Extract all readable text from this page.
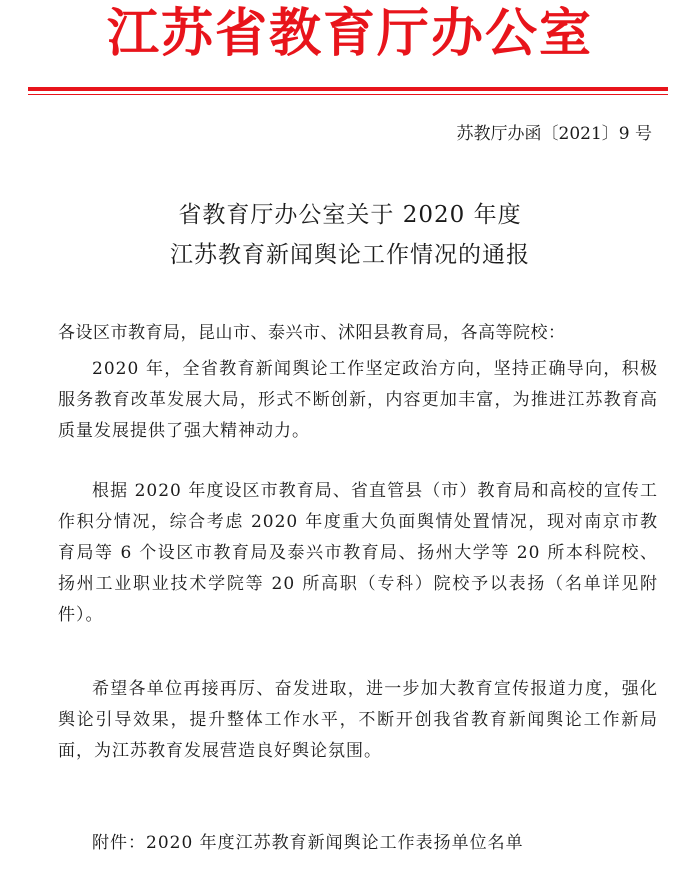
江苏省教育厅办公室
苏教厅办函〔2021〕9 号
省教育厅办公室关于 2020 年度
江苏教育新闻舆论工作情况的通报
各设区市教育局，昆山市、泰兴市、沭阳县教育局，各高等院校：
2020 年，全省教育新闻舆论工作坚定政治方向，坚持正确导向，积极服务教育改革发展大局，形式不断创新，内容更加丰富，为推进江苏教育高质量发展提供了强大精神动力。
根据 2020 年度设区市教育局、省直管县（市）教育局和高校的宣传工作积分情况，综合考虑 2020 年度重大负面舆情处置情况，现对南京市教育局等 6 个设区市教育局及泰兴市教育局、扬州大学等 20 所本科院校、扬州工业职业技术学院等 20 所高职（专科）院校予以表扬（名单详见附件）。
希望各单位再接再厉、奋发进取，进一步加大教育宣传报道力度，强化舆论引导效果，提升整体工作水平，不断开创我省教育新闻舆论工作新局面，为江苏教育发展营造良好舆论氛围。
附件：2020 年度江苏教育新闻舆论工作表扬单位名单
